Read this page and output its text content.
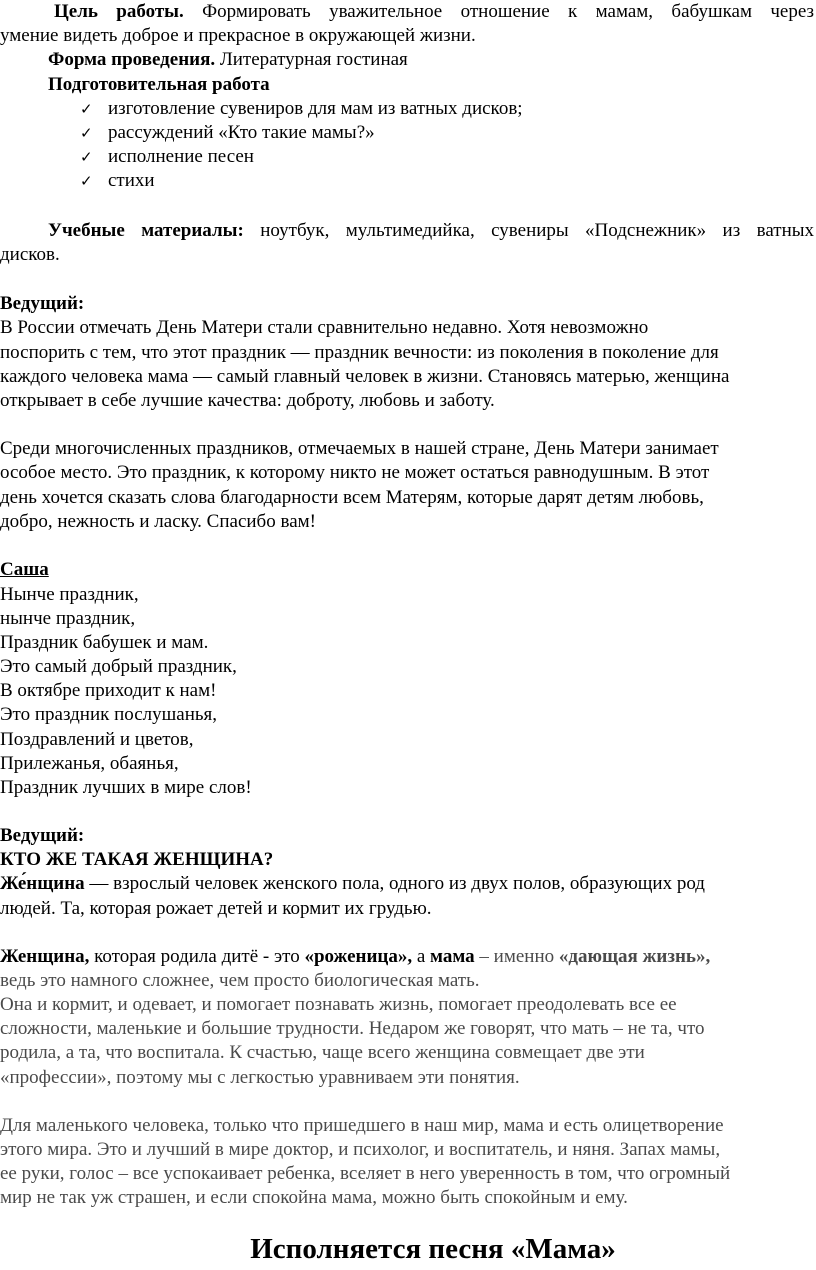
Цель работы. Формировать уважительное отношение к мамам, бабушкам через
умение видеть доброе и прекрасное в окружающей жизни.
Форма проведения. Литературная гостиная
Подготовительная работа
✓ изготовление сувениров для мам из ватных дисков;
✓ рассуждений «Кто такие мамы?»
✓ исполнение песен
✓ стихи
Учебные материалы: ноутбук, мультимедийка, сувениры «Подснежник» из ватных
дисков.
Ведущий:
В России отмечать День Матери стали сравнительно недавно. Хотя невозможно
поспорить с тем, что этот праздник — праздник вечности: из поколения в поколение для
каждого человека мама — самый главный человек в жизни. Становясь матерью, женщина
открывает в себе лучшие качества: доброту, любовь и заботу.
Среди многочисленных праздников, отмечаемых в нашей стране, День Матери занимает
особое место. Это праздник, к которому никто не может остаться равнодушным. В этот
день хочется сказать слова благодарности всем Матерям, которые дарят детям любовь,
добро, нежность и ласку. Спасибо вам!
Саша
Нынче праздник,
нынче праздник,
Праздник бабушек и мам.
Это самый добрый праздник,
В октябре приходит к нам!
Это праздник послушанья,
Поздравлений и цветов,
Прилежанья, обаянья,
Праздник лучших в мире слов!
Ведущий:
КТО ЖЕ ТАКАЯ ЖЕНЩИНА?
Же́нщина — взрослый человек женского пола, одного из двух полов, образующих род
людей. Та, которая рожает детей и кормит их грудью.
Женщина, которая родила дитё - это «роженица», а мама – именно «дающая жизнь»,
ведь это намного сложнее, чем просто биологическая мать.
Она и кормит, и одевает, и помогает познавать жизнь, помогает преодолевать все ее
сложности, маленькие и большие трудности. Недаром же говорят, что мать – не та, что
родила, а та, что воспитала. К счастью, чаще всего женщина совмещает две эти
«профессии», поэтому мы с легкостью уравниваем эти понятия.
Для маленького человека, только что пришедшего в наш мир, мама и есть олицетворение
этого мира. Это и лучший в мире доктор, и психолог, и воспитатель, и няня. Запах мамы,
ее руки, голос – все успокаивает ребенка, вселяет в него уверенность в том, что огромный
мир не так уж страшен, и если спокойна мама, можно быть спокойным и ему.
Исполняется песня «Мама»
